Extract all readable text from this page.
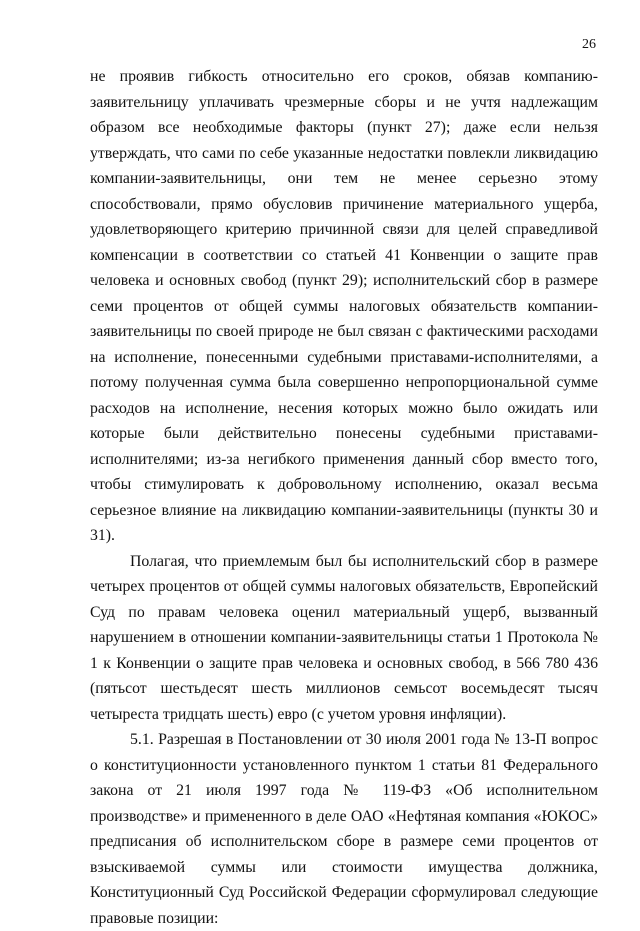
26

не проявив гибкость относительно его сроков, обязав компанию-заявительницу уплачивать чрезмерные сборы и не учтя надлежащим образом все необходимые факторы (пункт 27); даже если нельзя утверждать, что сами по себе указанные недостатки повлекли ликвидацию компании-заявительницы, они тем не менее серьезно этому способствовали, прямо обусловив причинение материального ущерба, удовлетворяющего критерию причинной связи для целей справедливой компенсации в соответствии со статьей 41 Конвенции о защите прав человека и основных свобод (пункт 29); исполнительский сбор в размере семи процентов от общей суммы налоговых обязательств компании-заявительницы по своей природе не был связан с фактическими расходами на исполнение, понесенными судебными приставами-исполнителями, а потому полученная сумма была совершенно непропорциональной сумме расходов на исполнение, несения которых можно было ожидать или которые были действительно понесены судебными приставами-исполнителями; из-за негибкого применения данный сбор вместо того, чтобы стимулировать к добровольному исполнению, оказал весьма серьезное влияние на ликвидацию компании-заявительницы (пункты 30 и 31).

Полагая, что приемлемым был бы исполнительский сбор в размере четырех процентов от общей суммы налоговых обязательств, Европейский Суд по правам человека оценил материальный ущерб, вызванный нарушением в отношении компании-заявительницы статьи 1 Протокола № 1 к Конвенции о защите прав человека и основных свобод, в 566 780 436 (пятьсот шестьдесят шесть миллионов семьсот восемьдесят тысяч четыреста тридцать шесть) евро (с учетом уровня инфляции).

5.1. Разрешая в Постановлении от 30 июля 2001 года № 13-П вопрос о конституционности установленного пунктом 1 статьи 81 Федерального закона от 21 июля 1997 года № 119-ФЗ «Об исполнительном производстве» и примененного в деле ОАО «Нефтяная компания «ЮКОС» предписания об исполнительском сборе в размере семи процентов от взыскиваемой суммы или стоимости имущества должника, Конституционный Суд Российской Федерации сформулировал следующие правовые позиции:
